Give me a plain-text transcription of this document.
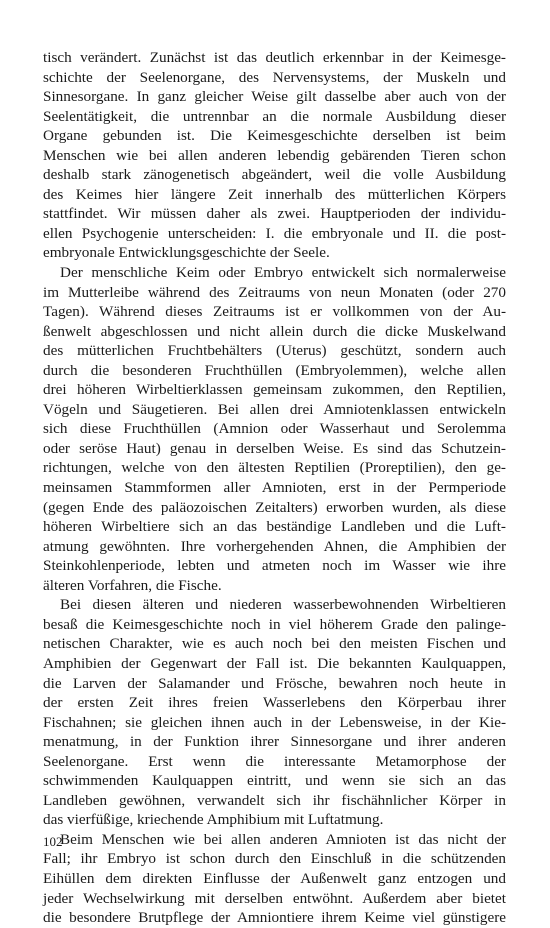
tisch verändert. Zunächst ist das deutlich erkennbar in der Keimesge-
schichte der Seelenorgane, des Nervensystems, der Muskeln und
Sinnesorgane. In ganz gleicher Weise gilt dasselbe aber auch von der
Seelentätigkeit, die untrennbar an die normale Ausbildung dieser
Organe gebunden ist. Die Keimesgeschichte derselben ist beim
Menschen wie bei allen anderen lebendig gebärenden Tieren schon
deshalb stark zänogenetisch abgeändert, weil die volle Ausbildung
des Keimes hier längere Zeit innerhalb des mütterlichen Körpers
stattfindet. Wir müssen daher als zwei. Hauptperioden der individu-
ellen Psychogenie unterscheiden: I. die embryonale und II. die post-
embryonale Entwicklungsgeschichte der Seele.
Der menschliche Keim oder Embryo entwickelt sich normalerweise
im Mutterleibe während des Zeitraums von neun Monaten (oder 270
Tagen). Während dieses Zeitraums ist er vollkommen von der Au-
ßenwelt abgeschlossen und nicht allein durch die dicke Muskelwand
des mütterlichen Fruchtbehälters (Uterus) geschützt, sondern auch
durch die besonderen Fruchthüllen (Embryolemmen), welche allen
drei höheren Wirbeltierklassen gemeinsam zukommen, den Reptilien,
Vögeln und Säugetieren. Bei allen drei Amniotenklassen entwickeln
sich diese Fruchthüllen (Amnion oder Wasserhaut und Serolemma
oder seröse Haut) genau in derselben Weise. Es sind das Schutzein-
richtungen, welche von den ältesten Reptilien (Proreptilien), den ge-
meinsamen Stammformen aller Amnioten, erst in der Permperiode
(gegen Ende des paläozoischen Zeitalters) erworben wurden, als diese
höheren Wirbeltiere sich an das beständige Landleben und die Luft-
atmung gewöhnten. Ihre vorhergehenden Ahnen, die Amphibien der
Steinkohlenperiode, lebten und atmeten noch im Wasser wie ihre
älteren Vorfahren, die Fische.
Bei diesen älteren und niederen wasserbewohnenden Wirbeltieren
besaß die Keimesgeschichte noch in viel höherem Grade den palinge-
netischen Charakter, wie es auch noch bei den meisten Fischen und
Amphibien der Gegenwart der Fall ist. Die bekannten Kaulquappen,
die Larven der Salamander und Frösche, bewahren noch heute in
der ersten Zeit ihres freien Wasserlebens den Körperbau ihrer
Fischahnen; sie gleichen ihnen auch in der Lebensweise, in der Kie-
menatmung, in der Funktion ihrer Sinnesorgane und ihrer anderen
Seelenorgane. Erst wenn die interessante Metamorphose der
schwimmenden Kaulquappen eintritt, und wenn sie sich an das
Landleben gewöhnen, verwandelt sich ihr fischähnlicher Körper in
das vierfüßige, kriechende Amphibium mit Luftatmung.
Beim Menschen wie bei allen anderen Amnioten ist das nicht der
Fall; ihr Embryo ist schon durch den Einschluß in die schützenden
Eihüllen dem direkten Einflusse der Außenwelt ganz entzogen und
jeder Wechselwirkung mit derselben entwöhnt. Außerdem aber bietet
die besondere Brutpflege der Amniontiere ihrem Keime viel günstigere
102
